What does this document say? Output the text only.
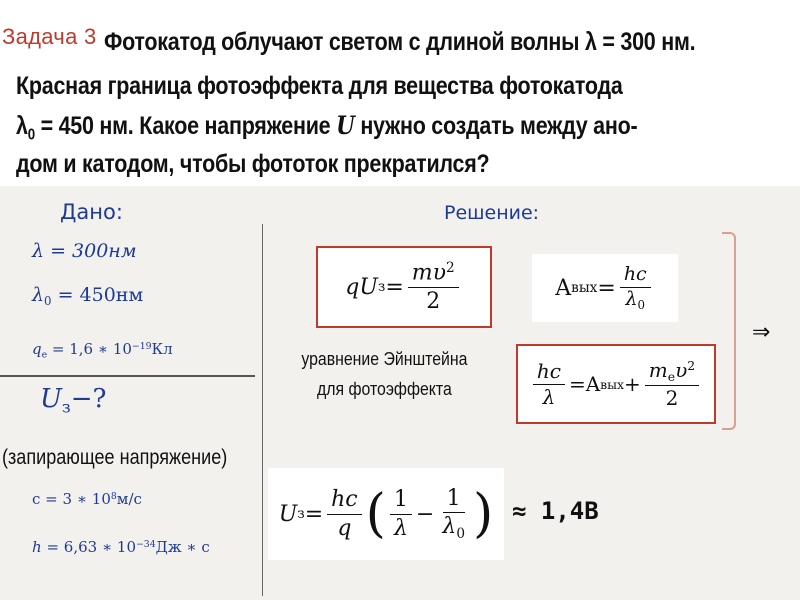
Задача 3 Фотокатод облучают светом с длиной волны λ = 300 нм.
Красная граница фотоэффекта для вещества фотокатода
$\lambda_0 = 450$ нм. Какое напряжение U нужно создать между ано-
дом и катодом, чтобы фототок прекратился?
Дано:
λ = 300нм
$\lambda_0 = 450нм$
$q_e = 1,6$ ∗ $10^{-19}Кл$
$U_з-$?
(запирающее напряжение)
c = 3 ∗ $10^8м/с$
h = 6,63 ∗ $10^{-34}Дж$ ∗ с
Решение:
qU $з = \frac{m\upsilon^2}{2}$	A вых = $\frac{hc}{\lambda_0}$
уравнение Эйнштейна
для фотоэффекта	$\frac{hc}{\lambda} = A$ вых + $\frac{m_e\upsilon^2}{2}$
⇒
U $з = \frac{hc}{q}$ ( $\frac{1}{\lambda} - \frac{1}{\lambda_0}$ ) ≈ 1,4В
